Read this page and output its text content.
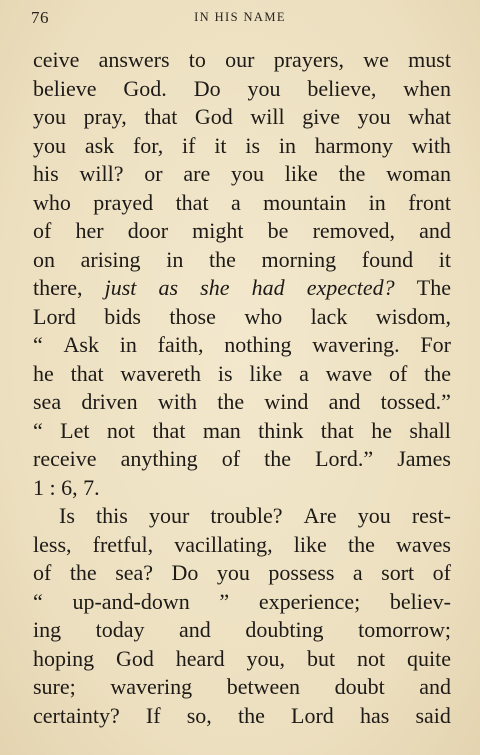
76	IN HIS NAME
ceive answers to our prayers, we must
believe God. Do you believe, when
you pray, that God will give you what
you ask for, if it is in harmony with
his will? or are you like the woman
who prayed that a mountain in front
of her door might be removed, and
on arising in the morning found it
there, just as she had expected? The
Lord bids those who lack wisdom,
“ Ask in faith, nothing wavering. For
he that wavereth is like a wave of the
sea driven with the wind and tossed.”
“ Let not that man think that he shall
receive anything of the Lord.” James
1 : 6, 7.
Is this your trouble? Are you rest-
less, fretful, vacillating, like the waves
of the sea? Do you possess a sort of
“ up-and-down ” experience; believ-
ing today and doubting tomorrow;
hoping God heard you, but not quite
sure; wavering between doubt and
certainty? If so, the Lord has said
